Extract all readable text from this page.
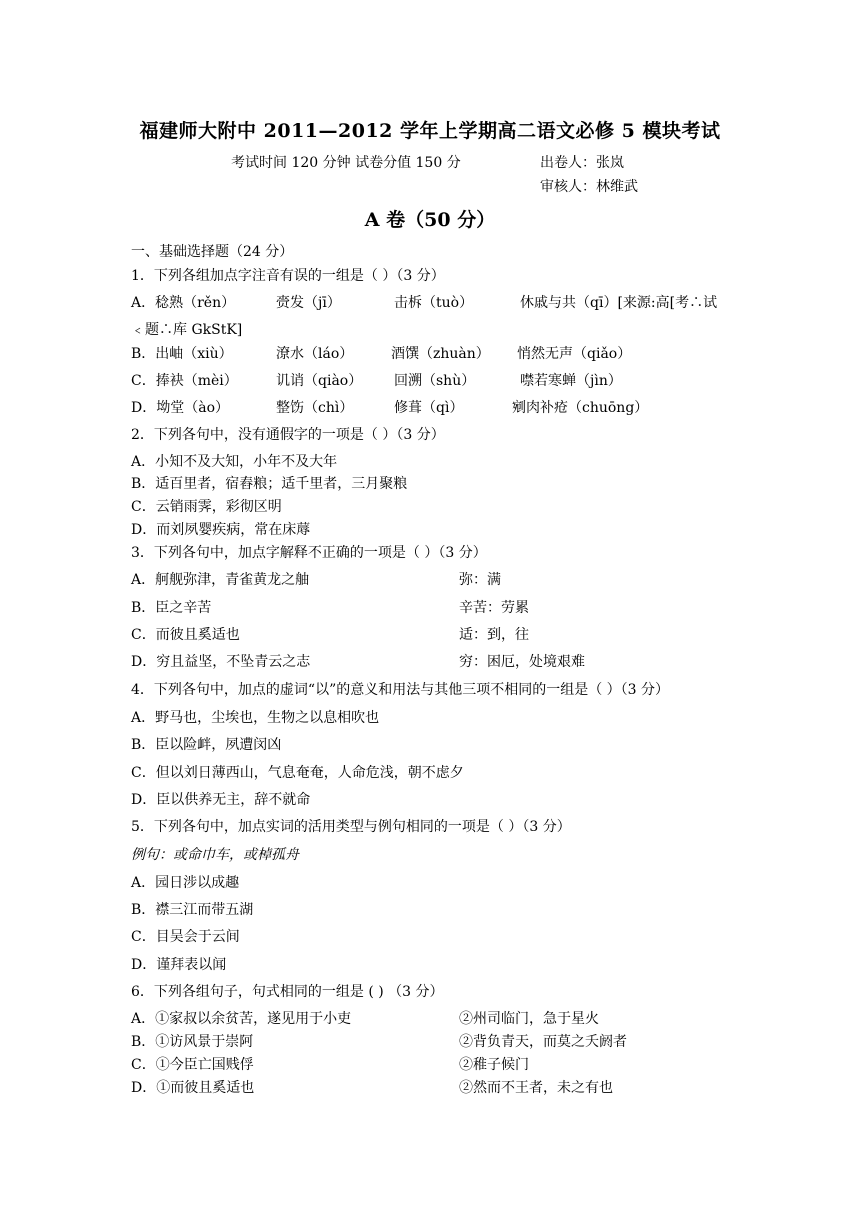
福建师大附中 2011—2012 学年上学期高二语文必修 5 模块考试
考试时间 120 分钟 试卷分值 150 分	出卷人：张岚
审核人：林维武
A 卷（50 分）
一、基础选择题（24 分）
1．下列各组加点字注音有误的一组是（ ）（3 分）
A．稔熟（rěn）	赍发（jī）	击柝（tuò）	休戚与共（qī）[来源:高[考∴试
﹤题∴库 GkStK]
B．出岫（xiù）	潦水（láo）	酒馔（zhuàn） 悄然无声（qiǎo）
C．捧袂（mèi）	讥诮（qiào） 回溯（shù）	噤若寒蝉（jìn）
D．坳堂（ào）	整饬（chì）	修葺（qì）	剜肉补疮（chuōng）
2．下列各句中，没有通假字的一项是（ ）（3 分）
A．小知不及大知，小年不及大年
B．适百里者，宿舂粮；适千里者，三月聚粮
C．云销雨霁，彩彻区明
D．而刘夙婴疾病，常在床蓐
3．下列各句中，加点字解释不正确的一项是（ ）（3 分）
A．舸舰弥津，青雀黄龙之舳	弥：满
B．臣之辛苦	辛苦：劳累
C．而彼且奚适也	适：到，往
D．穷且益坚，不坠青云之志	穷：困厄，处境艰难
4．下列各句中，加点的虚词“以”的意义和用法与其他三项不相同的一组是（ ）（3 分）
A．野马也，尘埃也，生物之以息相吹也
B．臣以险衅，夙遭闵凶
C．但以刘日薄西山，气息奄奄，人命危浅，朝不虑夕
D．臣以供养无主，辞不就命
5．下列各句中，加点实词的活用类型与例句相同的一项是（ ）（3 分）
例句：或命巾车，或棹孤舟
A．园日涉以成趣
B．襟三江而带五湖
C．目吴会于云间
D．谨拜表以闻
6．下列各组句子，句式相同的一组是 ( ) （3 分）
A．①家叔以余贫苦，遂见用于小吏	②州司临门，急于星火
B．①访风景于崇阿	②背负青天，而莫之夭阏者
C．①今臣亡国贱俘	②稚子候门
D．①而彼且奚适也	②然而不王者，未之有也
